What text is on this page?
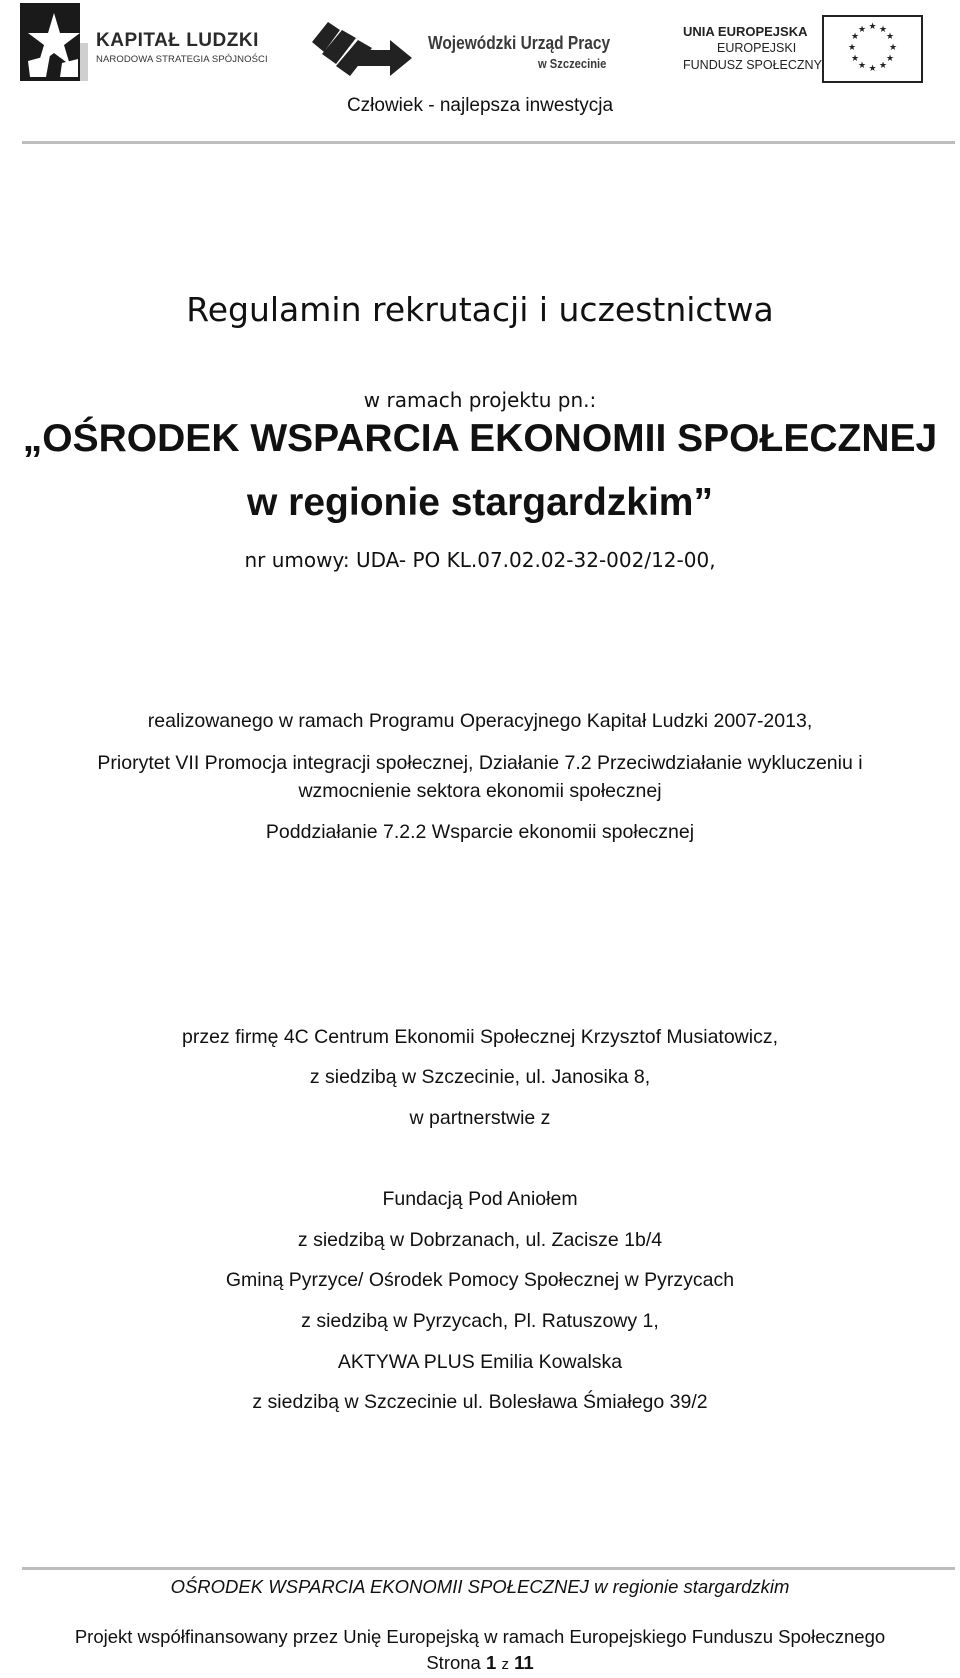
KAPITAŁ LUDZKI
NARODOWA STRATEGIA SPÓJNOŚCI
Wojewódzki Urząd Pracy
w Szczecinie
UNIA EUROPEJSKA
EUROPEJSKI
FUNDUSZ SPOŁECZNY
★ ★
★
★
★
★
★
★
★
★
★
★
Człowiek - najlepsza inwestycja
Regulamin rekrutacji i uczestnictwa
w ramach projektu pn.:
„OŚRODEK WSPARCIA EKONOMII SPOŁECZNEJ
w regionie stargardzkim”
nr umowy: UDA- PO KL.07.02.02-32-002/12-00,
realizowanego w ramach Programu Operacyjnego Kapitał Ludzki 2007-2013,
Priorytet VII Promocja integracji społecznej, Działanie 7.2 Przeciwdziałanie wykluczeniu i
wzmocnienie sektora ekonomii społecznej
Poddziałanie 7.2.2 Wsparcie ekonomii społecznej
przez firmę 4C Centrum Ekonomii Społecznej Krzysztof Musiatowicz,
z siedzibą w Szczecinie, ul. Janosika 8,
w partnerstwie z
Fundacją Pod Aniołem
z siedzibą w Dobrzanach, ul. Zacisze 1b/4
Gminą Pyrzyce/ Ośrodek Pomocy Społecznej w Pyrzycach
z siedzibą w Pyrzycach, Pl. Ratuszowy 1,
AKTYWA PLUS Emilia Kowalska
z siedzibą w Szczecinie ul. Bolesława Śmiałego 39/2
OŚRODEK WSPARCIA EKONOMII SPOŁECZNEJ w regionie stargardzkim
Projekt współfinansowany przez Unię Europejską w ramach Europejskiego Funduszu Społecznego
Strona 1 z 11
